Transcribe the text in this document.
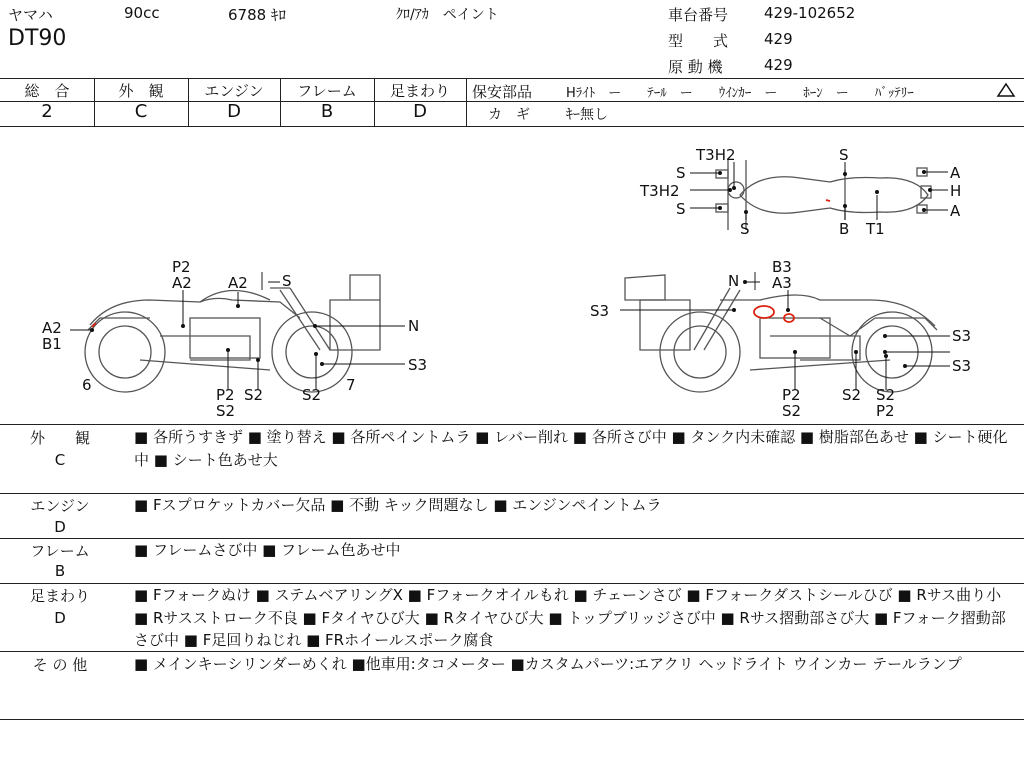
ヤマハ	90cc	6788 ｷﾛ	ｸﾛ/ｱｶ　ペイント
DT90
車台番号 429-102652
型　　式 429
原 動 機	429
総　合	外　観	エンジン	フレーム	足まわり
2	C	D	B	D
保安部品	Hﾗｲﾄ　ー　　ﾃｰﾙ　ー　　ｳｲﾝｶｰ　ー　　ﾎｰﾝ　ー　　ﾊﾞｯﾃﾘｰ
カ　ギ	ｷｰ無し
S
T3H2
S
T3H2
S
S
B T1
A
H
A
P2
A2 A2 S
A2
B1
N
S3
6	7
P2
S2
S2	S2
N
B3
A3
S3
S3
S3
P2
S2
S2 S2
P2
外　　観
C
■ 各所うすきず ■ 塗り替え ■ 各所ペイントムラ ■ レバー削れ ■ 各所さび中 ■ タンク内未確認 ■ 樹脂部色あせ ■ シート硬化中 ■ シート色あせ大
エンジン
D
■ Fスプロケットカバー欠品 ■ 不動 キック問題なし ■ エンジンペイントムラ
フレーム
B
■ フレームさび中 ■ フレーム色あせ中
足まわり
D
■ Fフォークぬけ ■ ステムベアリングX ■ Fフォークオイルもれ ■ チェーンさび ■ Fフォークダストシールひび ■ Rサス曲り小 ■ Rサスストローク不良 ■ Fタイヤひび大 ■ Rタイヤひび大 ■ トップブリッジさび中 ■ Rサス摺動部さび大 ■ Fフォーク摺動部さび中 ■ F足回りねじれ ■ FRホイールスポーク腐食
そ の 他	■ メインキーシリンダーめくれ ■他車用:タコメーター ■カスタムパーツ:エアクリ ヘッドライト ウインカー テールランプ
